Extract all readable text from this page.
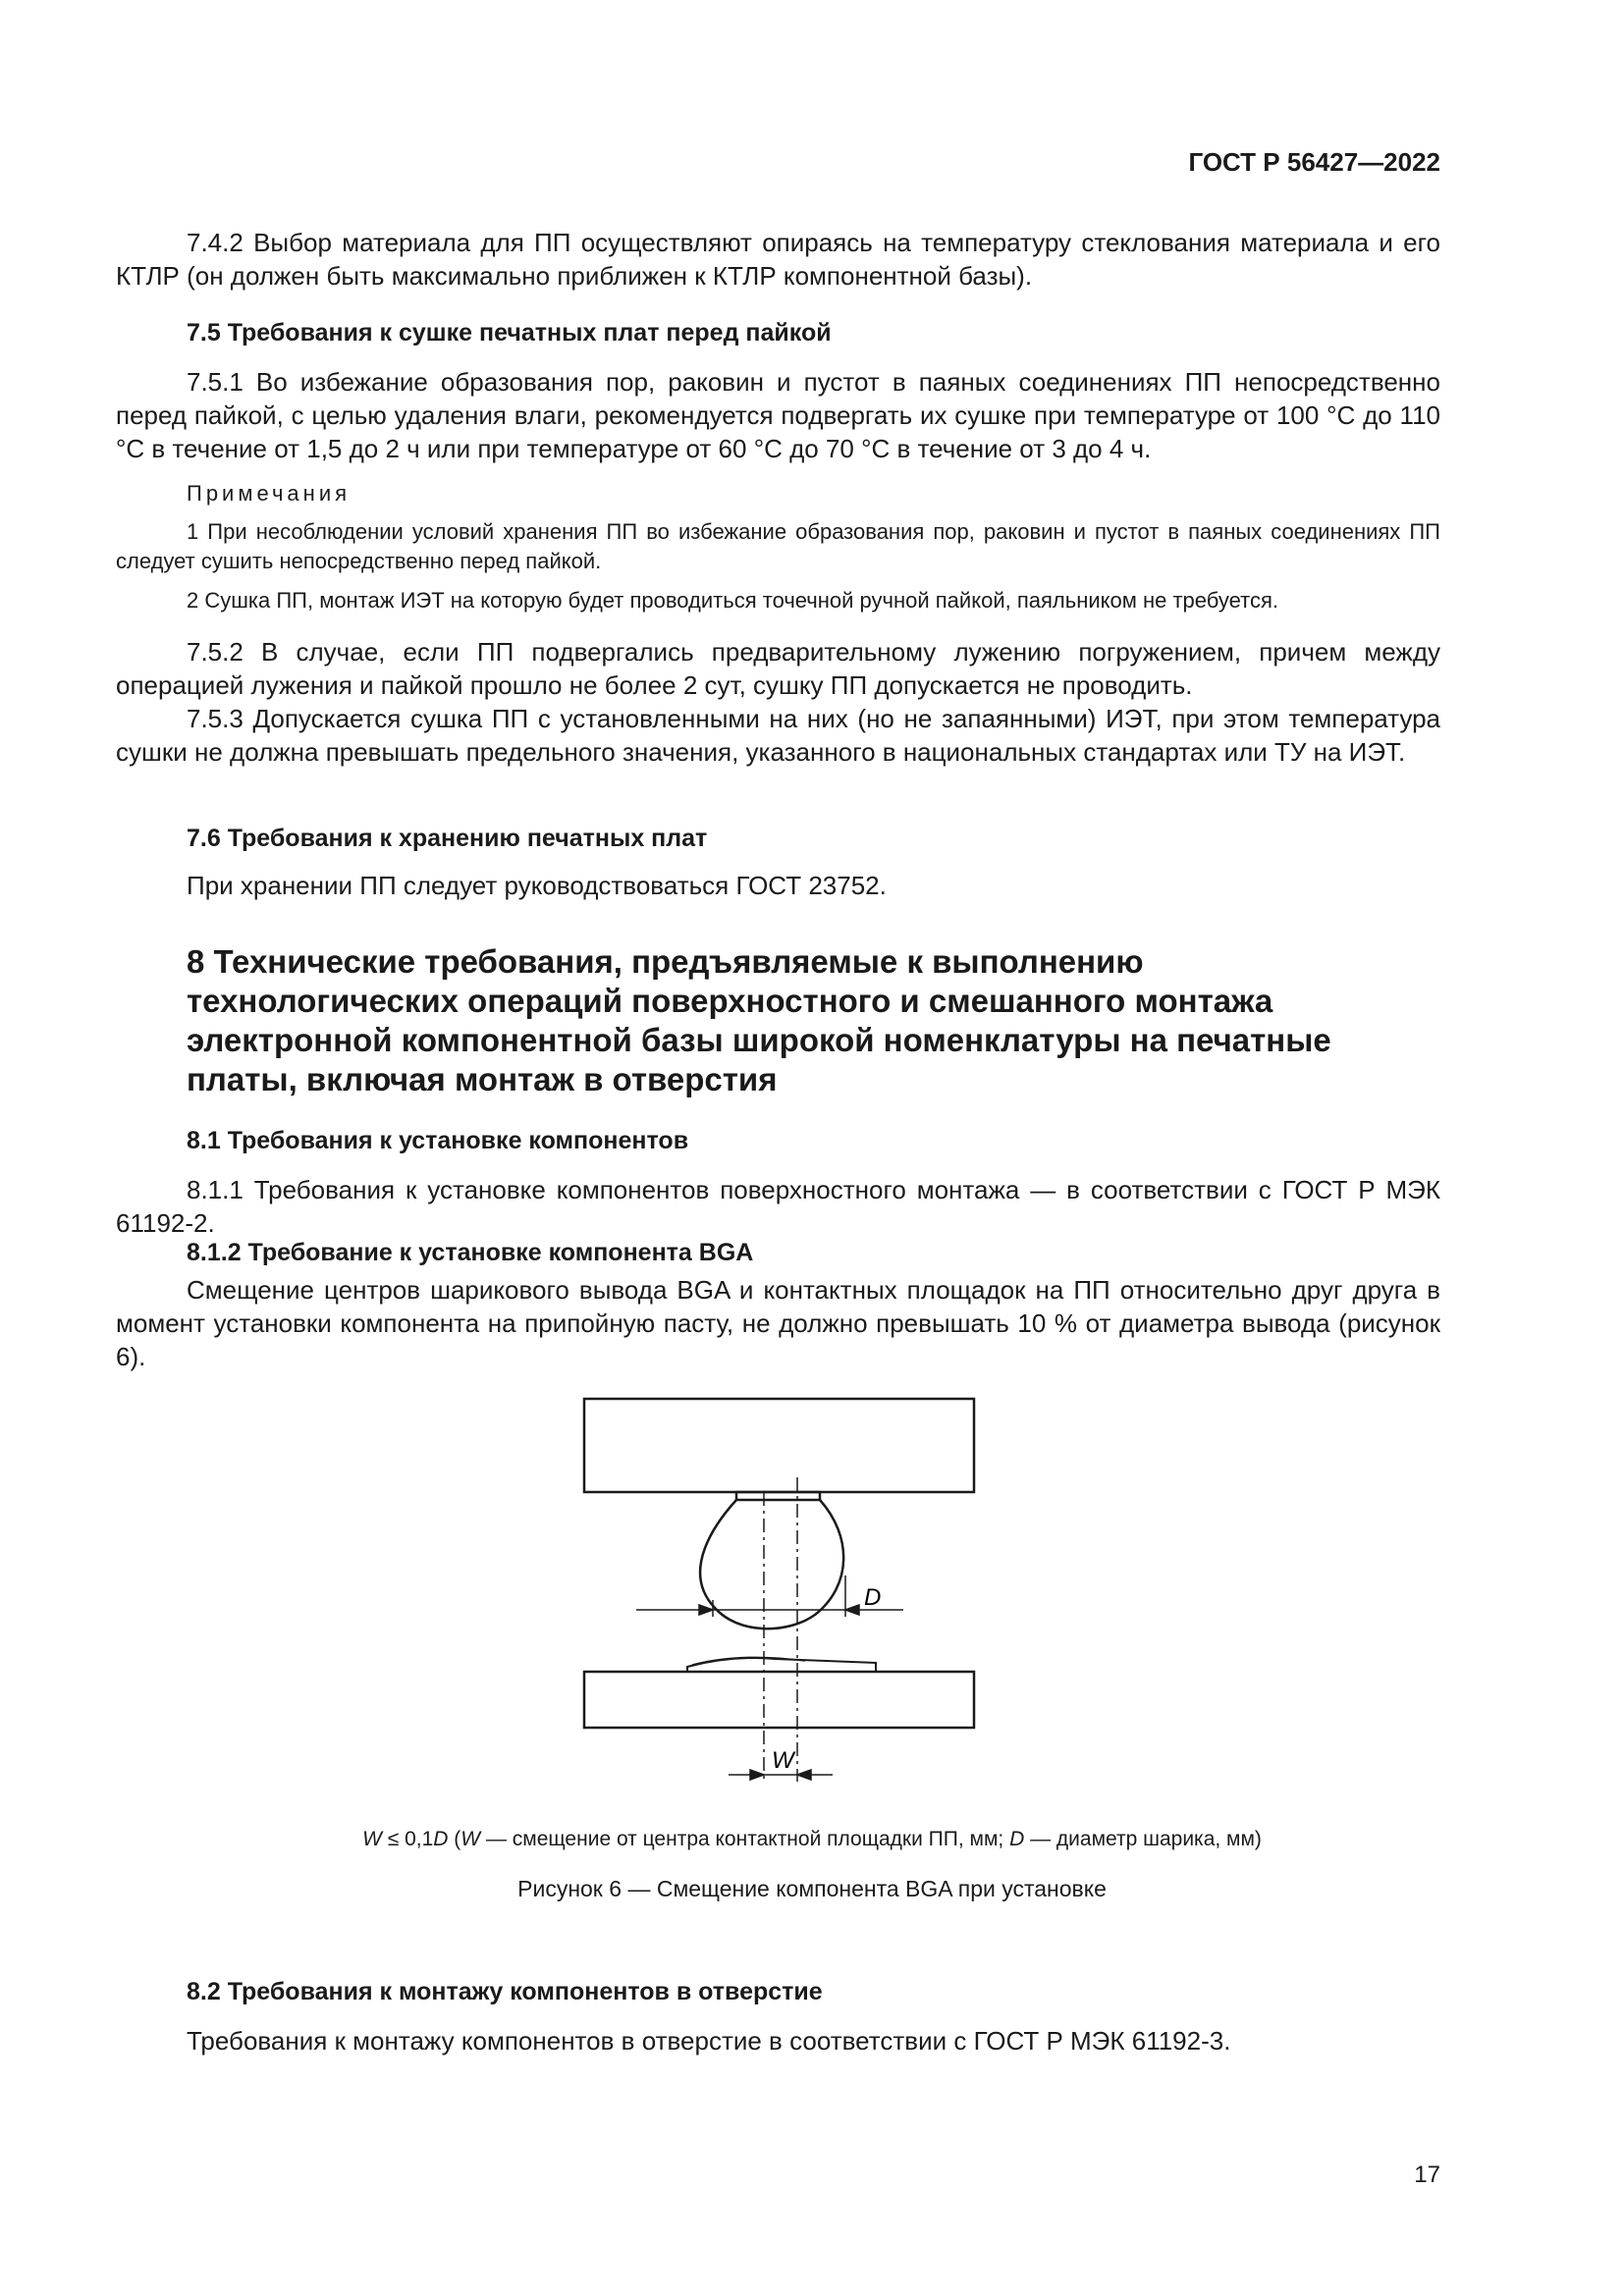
ГОСТ Р 56427—2022
7.4.2 Выбор материала для ПП осуществляют опираясь на температуру стеклования материала и его КТЛР (он должен быть максимально приближен к КТЛР компонентной базы).
7.5 Требования к сушке печатных плат перед пайкой
7.5.1 Во избежание образования пор, раковин и пустот в паяных соединениях ПП непосредственно перед пайкой, с целью удаления влаги, рекомендуется подвергать их сушке при температуре от 100 °С до 110 °С в течение от 1,5 до 2 ч или при температуре от 60 °С до 70 °С в течение от 3 до 4 ч.
Примечания
1 При несоблюдении условий хранения ПП во избежание образования пор, раковин и пустот в паяных соединениях ПП следует сушить непосредственно перед пайкой.
2 Сушка ПП, монтаж ИЭТ на которую будет проводиться точечной ручной пайкой, паяльником не требуется.
7.5.2 В случае, если ПП подвергались предварительному лужению погружением, причем между операцией лужения и пайкой прошло не более 2 сут, сушку ПП допускается не проводить.
7.5.3 Допускается сушка ПП с установленными на них (но не запаянными) ИЭТ, при этом температура сушки не должна превышать предельного значения, указанного в национальных стандартах или ТУ на ИЭТ.
7.6 Требования к хранению печатных плат
При хранении ПП следует руководствоваться ГОСТ 23752.
8 Технические требования, предъявляемые к выполнению технологических операций поверхностного и смешанного монтажа электронной компонентной базы широкой номенклатуры на печатные платы, включая монтаж в отверстия
8.1 Требования к установке компонентов
8.1.1 Требования к установке компонентов поверхностного монтажа — в соответствии с ГОСТ Р МЭК 61192-2.
8.1.2 Требование к установке компонента BGA
Смещение центров шарикового вывода BGA и контактных площадок на ПП относительно друг друга в момент установки компонента на припойную пасту, не должно превышать 10 % от диаметра вывода (рисунок 6).
D
W
W ≤ 0,1D (W — смещение от центра контактной площадки ПП, мм; D — диаметр шарика, мм)
Рисунок 6 — Смещение компонента BGA при установке
8.2 Требования к монтажу компонентов в отверстие
Требования к монтажу компонентов в отверстие в соответствии с ГОСТ Р МЭК 61192-3.
17
